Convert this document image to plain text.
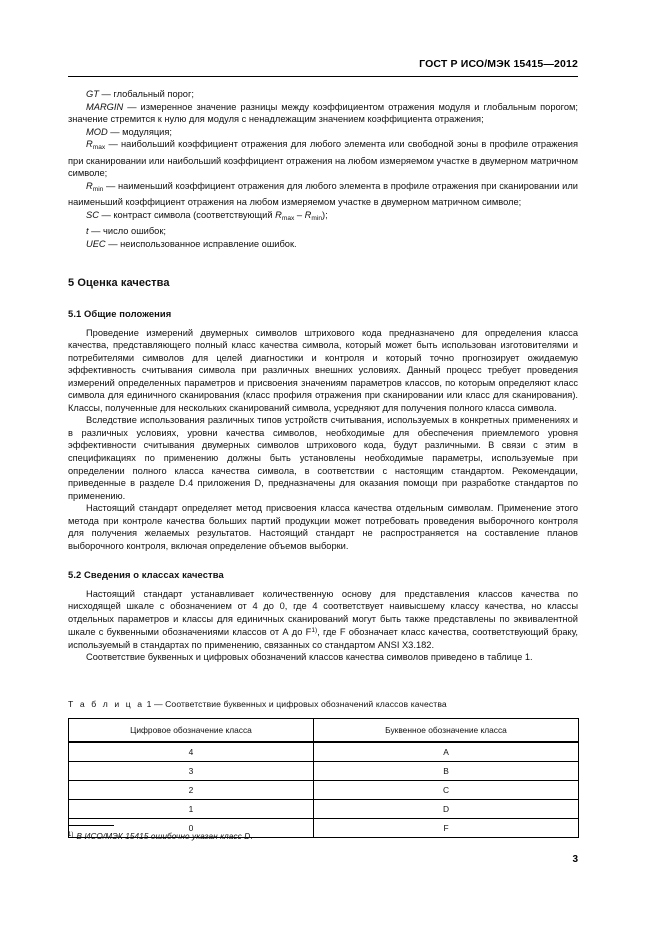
ГОСТ Р ИСО/МЭК 15415—2012

GT — глобальный порог;

MARGIN — измеренное значение разницы между коэффициентом отражения модуля и глобальным порогом; значение стремится к нулю для модуля с ненадлежащим значением коэффициента отражения;

MOD — модуляция;

$R_{max}$ — наибольший коэффициент отражения для любого элемента или свободной зоны в профиле отражения при сканировании или наибольший коэффициент отражения на любом измеряемом участке в двумерном матричном символе;

$R_{min}$ — наименьший коэффициент отражения для любого элемента в профиле отражения при сканировании или наименьший коэффициент отражения на любом измеряемом участке в двумерном матричном символе;

SC — контраст символа (соответствующий $R_{max} - R_{min}$);

t — число ошибок;

UEC — неиспользованное исправление ошибок.

5 Оценка качества
5.1 Общие положения

Проведение измерений двумерных символов штрихового кода предназначено для определения класса качества, представляющего полный класс качества символа, который может быть использован изготовителями и потребителями символов для целей диагностики и контроля и который точно прогнозирует ожидаемую эффективность считывания символа при различных внешних условиях. Данный процесс требует проведения измерений определенных параметров и присвоения значениям параметров классов, по которым определяют класс символа для единичного сканирования (класс профиля отражения при сканировании или класс для сканирования). Классы, полученные для нескольких сканирований символа, усредняют для получения полного класса символа.

Вследствие использования различных типов устройств считывания, используемых в конкретных применениях и в различных условиях, уровни качества символов, необходимые для обеспечения приемлемого уровня эффективности считывания двумерных символов штрихового кода, будут различными. В связи с этим в спецификациях по применению должны быть установлены необходимые параметры, используемые при определении полного класса качества символа, в соответствии с настоящим стандартом. Рекомендации, приведенные в разделе D.4 приложения D, предназначены для оказания помощи при разработке стандартов по применению.

Настоящий стандарт определяет метод присвоения класса качества отдельным символам. Применение этого метода при контроле качества больших партий продукции может потребовать проведения выборочного контроля для получения желаемых результатов. Настоящий стандарт не распространяется на составление планов выборочного контроля, включая определение объемов выборки.

5.2 Сведения о классах качества

Настоящий стандарт устанавливает количественную основу для представления классов качества по нисходящей шкале с обозначением от 4 до 0, где 4 соответствует наивысшему классу качества, но классы отдельных параметров и классы для единичных сканирований могут быть также представлены по эквивалентной шкале с буквенными обозначениями классов от А до $F^{1)}$, где F обозначает класс качества, соответствующий браку, используемый в стандартах по применению, связанных со стандартом ANSI X3.182.

Соответствие буквенных и цифровых обозначений классов качества символов приведено в таблице 1.

Т а б л и ц а 1 — Соответствие буквенных и цифровых обозначений классов качества
Цифровое обозначение класса	Буквенное обозначение класса
4	А
3	В
2	С
1	D
0	F
$^{1)}$ В ИСО/МЭК 15415 ошибочно указан класс D.
3
